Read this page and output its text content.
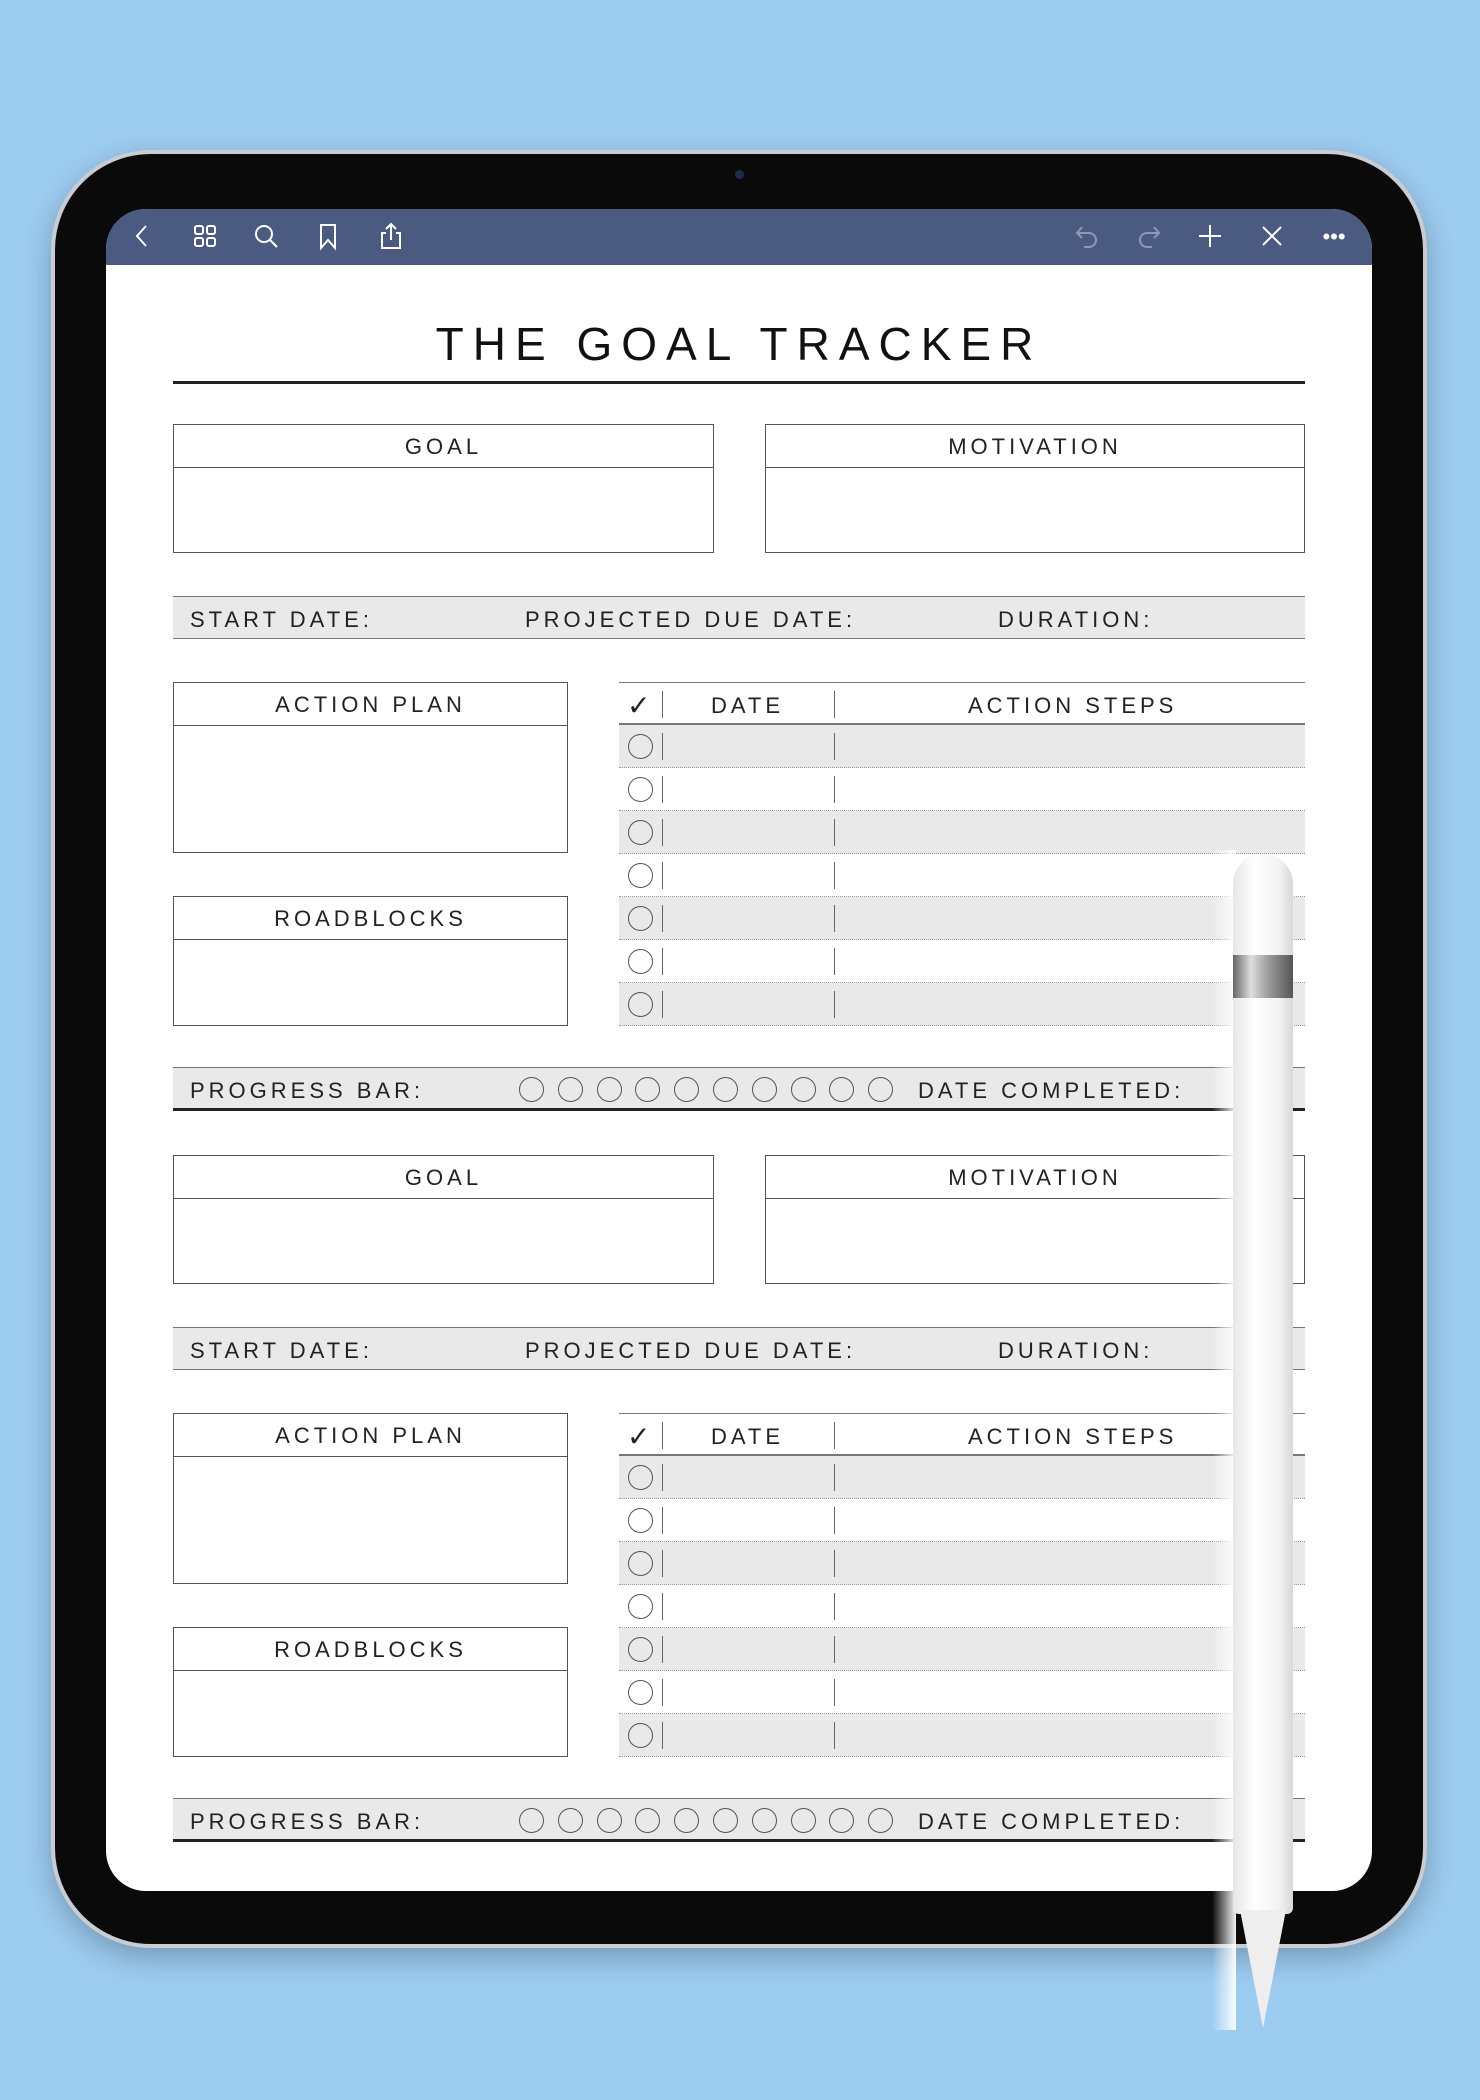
•••
THE GOAL TRACKER
GOAL	MOTIVATION
START DATE:	PROJECTED DUE DATE:	DURATION:
ACTION PLAN
ROADBLOCKS
✓	DATE	ACTION STEPS
PROGRESS BAR:	DATE COMPLETED:
GOAL	MOTIVATION
START DATE:	PROJECTED DUE DATE:	DURATION:
ACTION PLAN
ROADBLOCKS
✓	DATE	ACTION STEPS
PROGRESS BAR:	DATE COMPLETED:
